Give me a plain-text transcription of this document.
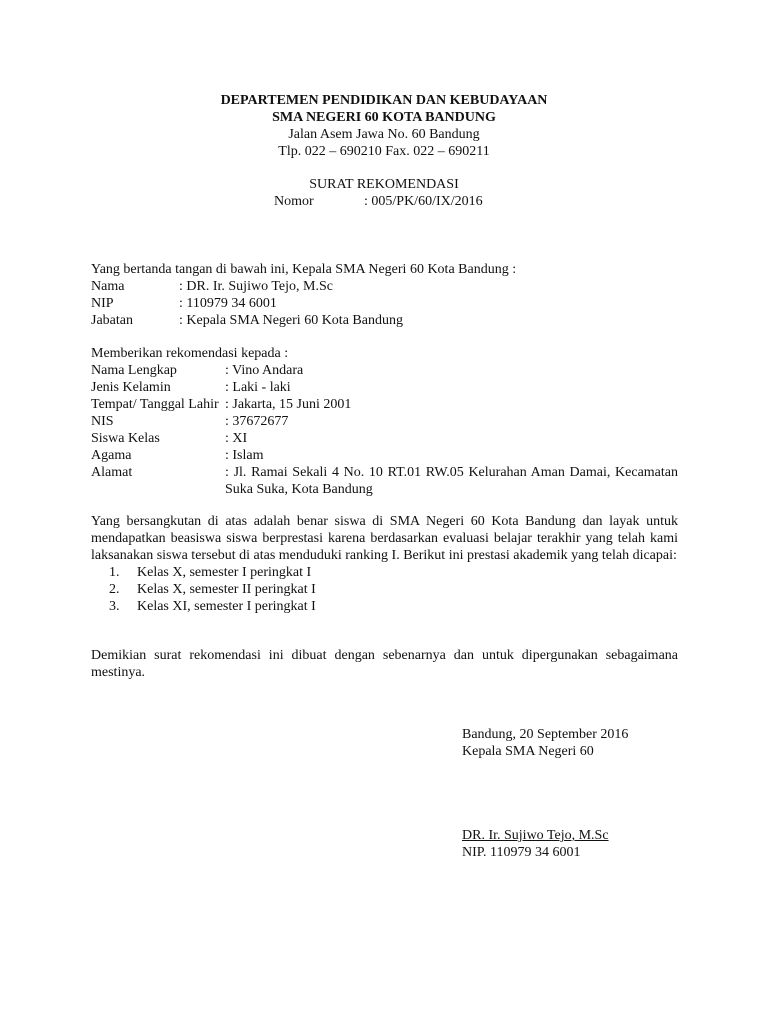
DEPARTEMEN PENDIDIKAN DAN KEBUDAYAAN
SMA NEGERI 60 KOTA BANDUNG
Jalan Asem Jawa No. 60 Bandung
Tlp. 022 – 690210 Fax. 022 – 690211
SURAT REKOMENDASI
Nomor	: 005/PK/60/IX/2016
Yang bertanda tangan di bawah ini, Kepala SMA Negeri 60 Kota Bandung :
Nama	: DR. Ir. Sujiwo Tejo, M.Sc
NIP	: 110979 34 6001
Jabatan	: Kepala SMA Negeri 60 Kota Bandung
Memberikan rekomendasi kepada :
Nama Lengkap	: Vino Andara
Jenis Kelamin	: Laki - laki
Tempat/ Tanggal Lahir : Jakarta, 15 Juni 2001
NIS	: 37672677
Siswa Kelas	: XI
Agama	: Islam
Alamat	: Jl. Ramai Sekali 4 No. 10 RT.01 RW.05 Kelurahan Aman Damai, Kecamatan Suka Suka, Kota Bandung
Yang bersangkutan di atas adalah benar siswa di SMA Negeri 60 Kota Bandung dan layak untuk mendapatkan beasiswa siswa berprestasi karena berdasarkan evaluasi belajar terakhir yang telah kami laksanakan siswa tersebut di atas menduduki ranking I. Berikut ini prestasi akademik yang telah dicapai:
1. Kelas X, semester I peringkat I
2. Kelas X, semester II peringkat I
3. Kelas XI, semester I peringkat I
Demikian surat rekomendasi ini dibuat dengan sebenarnya dan untuk dipergunakan sebagaimana mestinya.
Bandung, 20 September 2016
Kepala SMA Negeri 60
DR. Ir. Sujiwo Tejo, M.Sc
NIP. 110979 34 6001
